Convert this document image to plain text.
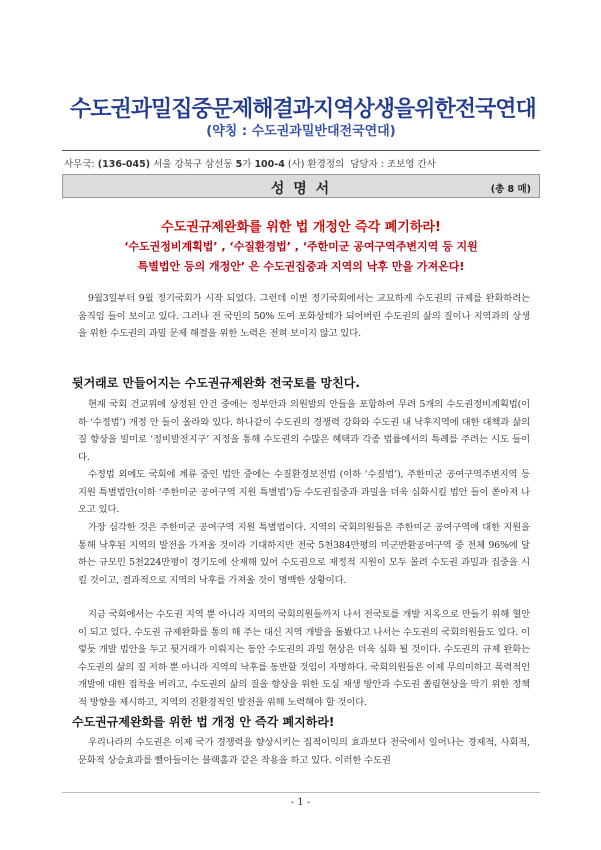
수도권과밀집중문제해결과지역상생을위한전국연대
(약칭 : 수도권과밀반대전국연대)
사무국: (136-045) 서울 강북구 삼선동 5가 100-4 (사) 환경정의 담당자 : 조보영 간사
성 명 서	(총 8 매)
수도권규제완화를 위한 법 개정안 즉각 폐기하라!
‘수도권정비계획법’ , ‘수질환경법’ , ‘주한미군 공여구역주변지역 등 지원
특별법안 등의 개정안’ 은 수도권집중과 지역의 낙후 만을 가져온다!
9월3일부터 9월 정기국회가 시작 되었다. 그런데 이번 정기국회에서는 교묘하게 수도권의 규제를 완화하려는 움직임 들이 보이고 있다. 그러나 전 국민의 50% 도여 포화상태가 되어버린 수도권의 삶의 질이나 지역과의 상생을 위한 수도권의 과밀 문제 해결을 위한 노력은 전혀 보이지 않고 있다.
뒷거래로 만들어지는 수도권규제완화 전국토를 망친다.
현재 국회 건교위에 상정된 안건 중에는 정부안과 의원발의 안들을 포함하여 무려 5개의 수도권정비계획법(이하 ‘수정법’) 개정 안 들이 올라와 있다. 하나같이 수도권의 경쟁력 강화와 수도권 내 낙후지역에 대한 대책과 삶의 질 향상을 빌미로 ‘정비발전지구’ 지정을 통해 수도권의 수많은 혜택과 각종 법률에서의 특례를 주려는 시도 들이다.
수정법 외에도 국회에 계류 중인 법안 중에는 수질환경보전법 (이하 ‘수질법’), 주한미군 공여구역주변지역 등 지원 특별법안(이하 ‘주한미군 공여구역 지원 특별법’)등 수도권집중과 과밀을 더욱 심화시킬 법안 들이 쏟아져 나오고 있다.
가장 심각한 것은 주한미군 공여구역 지원 특별법이다. 지역의 국회의원들은 주한미군 공여구역에 대한 지원을 통해 낙후된 지역의 발전을 가져올 것이라 기대하지만 전국 5천384만평의 미군반환공여구역 중 전체 96%에 달하는 규모인 5천224만평이 경기도에 산재해 있어 수도권으로 재정적 지원이 모두 몰려 수도권 과밀과 집중을 시킬 것이고, 결과적으로 지역의 낙후를 가져올 것이 명백한 상황이다.
지금 국회에서는 수도권 지역 뿐 아니라 지역의 국회의원들까지 나서 전국토를 개발 지옥으로 만들기 위해 혈안이 되고 있다. 수도권 규제완화를 통의 해 주는 대신 지역 개발을 돌봤다고 나서는 수도권의 국회의원들도 있다. 이렇듯 개발 법안을 두고 뒷거래가 이뤄지는 동안 수도권의 과밀 현상은 더욱 심화 될 것이다. 수도권의 규제 완화는 수도권의 삶의 질 저하 뿐 아니라 지역의 낙후를 동반할 것임이 자명하다. 국회의원들은 이제 무의미하고 폭력적인 개발에 대한 집착을 버리고, 수도권의 삶의 질을 향상을 위한 도심 재생 방안과 수도권 쏠림현상을 막기 위한 정책적 방향을 제시하고, 지역의 진환경적인 발전을 위해 노력해야 할 것이다.
수도권규제완화를 위한 법 개정 안 즉각 폐지하라!
우리나라의 수도권은 이제 국가 경쟁력을 향상시키는 집적이익의 효과보다 전국에서 일어나는 경제적, 사회적, 문화적 상승효과를 빨아들이는 블랙홀과 같은 작용을 하고 있다. 이러한 수도권
- 1 -
